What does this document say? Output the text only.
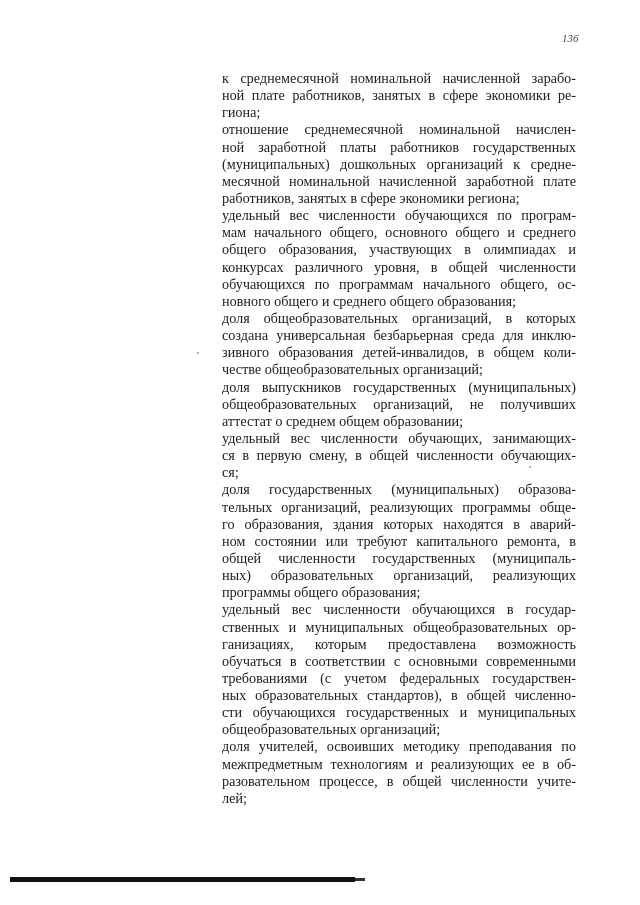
136
к среднемесячной номинальной начисленной зарабо-
ной плате работников, занятых в сфере экономики ре-
гиона;
отношение среднемесячной номинальной начислен-
ной заработной платы работников государственных
(муниципальных) дошкольных организаций к средне-
месячной номинальной начисленной заработной плате
работников, занятых в сфере экономики региона;
удельный вес численности обучающихся по програм-
мам начального общего, основного общего и среднего
общего образования, участвующих в олимпиадах и
конкурсах различного уровня, в общей численности
обучающихся по программам начального общего, ос-
новного общего и среднего общего образования;
доля общеобразовательных организаций, в которых
создана универсальная безбарьерная среда для инклю-
зивного образования детей-инвалидов, в общем коли-
честве общеобразовательных организаций;
доля выпускников государственных (муниципальных)
общеобразовательных организаций, не получивших
аттестат о среднем общем образовании;
удельный вес численности обучающих, занимающих-
ся в первую смену, в общей численности обучающих-
ся;
доля государственных (муниципальных) образова-
тельных организаций, реализующих программы обще-
го образования, здания которых находятся в аварий-
ном состоянии или требуют капитального ремонта, в
общей численности государственных (муниципаль-
ных) образовательных организаций, реализующих
программы общего образования;
удельный вес численности обучающихся в государ-
ственных и муниципальных общеобразовательных ор-
ганизациях, которым предоставлена возможность
обучаться в соответствии с основными современными
требованиями (с учетом федеральных государствен-
ных образовательных стандартов), в общей численно-
сти обучающихся государственных и муниципальных
общеобразовательных организаций;
доля учителей, освоивших методику преподавания по
межпредметным технологиям и реализующих ее в об-
разовательном процессе, в общей численности учите-
лей;
